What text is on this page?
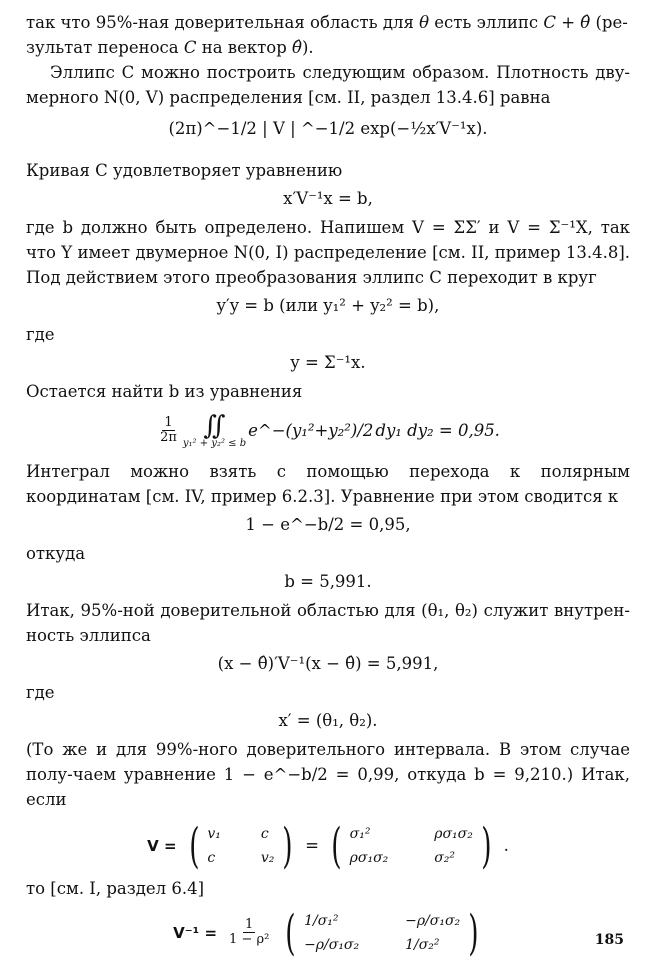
так что 95%-ная доверительная область для θ есть эллипс C + θ̂ (ре-
зультат переноса C на вектор θ̂).

Эллипс C можно построить следующим образом. Плотность дву-мерного N(0, V) распределения [см. II, раздел 13.4.6] равна

(2π)^−1/2 | V | ^−1/2 exp(−½x′V⁻¹x).

Кривая C удовлетворяет уравнению

x′V⁻¹x = b,

где b должно быть определено. Напишем V = ΣΣ′ и V = Σ⁻¹X, так что Y имеет двумерное N(0, I) распределение [см. II, пример 13.4.8]. Под действием этого преобразования эллипс C переходит в круг

y′y = b (или y₁² + y₂² = b),

где

y = Σ⁻¹x.

Остается найти b из уравнения

$\frac{1}{2\pi}$ ∬
y₁² + y₂² ≤ b
e^−(y₁²+y₂²)/2 dy₁ dy₂ = 0,95.

Интеграл можно взять с помощью перехода к полярным координатам [см. IV, пример 6.2.3]. Уравнение при этом сводится к

1 − e^−b/2 = 0,95,

откуда

b = 5,991.

Итак, 95%-ной доверительной областью для (θ₁, θ₂) служит внутрен-ность эллипса

(x − θ̂)′V⁻¹(x − θ̂) = 5,991,

где

x′ = (θ₁, θ₂).

(То же и для 99%-ного доверительного интервала. В этом случае полу-чаем уравнение 1 − e^−b/2 = 0,99, откуда b = 9,210.) Итак, если

V = ( v₁	c
c	v₂ ) = ( σ₁²	ρσ₁σ₂
ρσ₁σ₂	σ₂² ) .

то [см. I, раздел 6.4]

$V^{-1} = \frac{1}{\text{1 − ρ²}}$ ( 1/σ₁²	−ρ/σ₁σ₂
−ρ/σ₁σ₂	1/σ₂² )	185
